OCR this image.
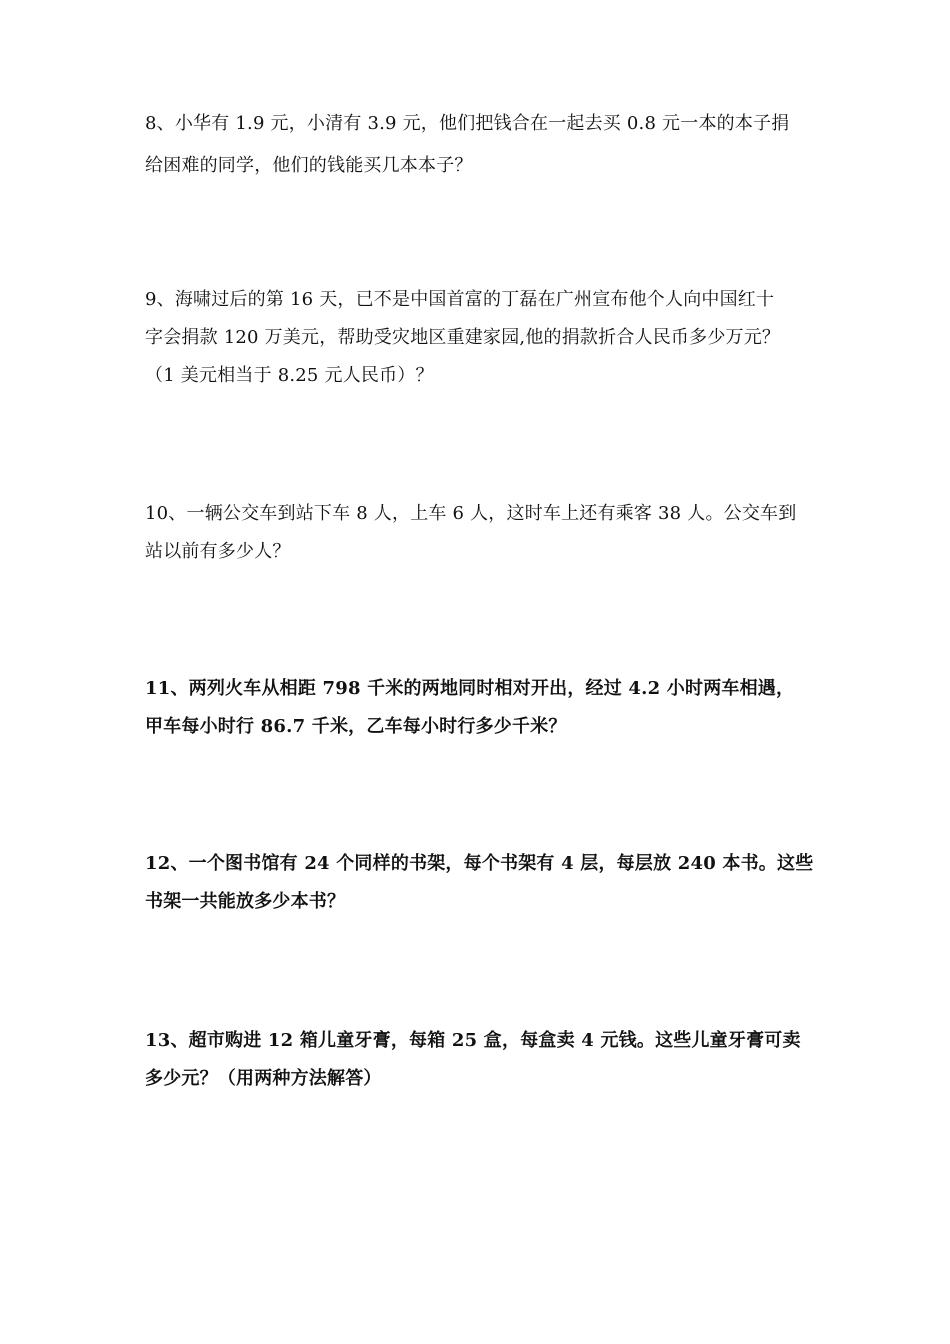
8、小华有 1.9 元，小清有 3.9 元，他们把钱合在一起去买 0.8 元一本的本子捐
给困难的同学，他们的钱能买几本本子？
9、海啸过后的第 16 天，已不是中国首富的丁磊在广州宣布他个人向中国红十
字会捐款 120 万美元，帮助受灾地区重建家园,他的捐款折合人民币多少万元？
（1 美元相当于 8.25 元人民币）？
10、一辆公交车到站下车 8 人，上车 6 人，这时车上还有乘客 38 人。公交车到
站以前有多少人？
11、两列火车从相距 798 千米的两地同时相对开出，经过 4.2 小时两车相遇，
甲车每小时行 86.7 千米，乙车每小时行多少千米？
12、一个图书馆有 24 个同样的书架，每个书架有 4 层，每层放 240 本书。这些
书架一共能放多少本书？
13、超市购进 12 箱儿童牙膏，每箱 25 盒，每盒卖 4 元钱。这些儿童牙膏可卖
多少元？（用两种方法解答）
